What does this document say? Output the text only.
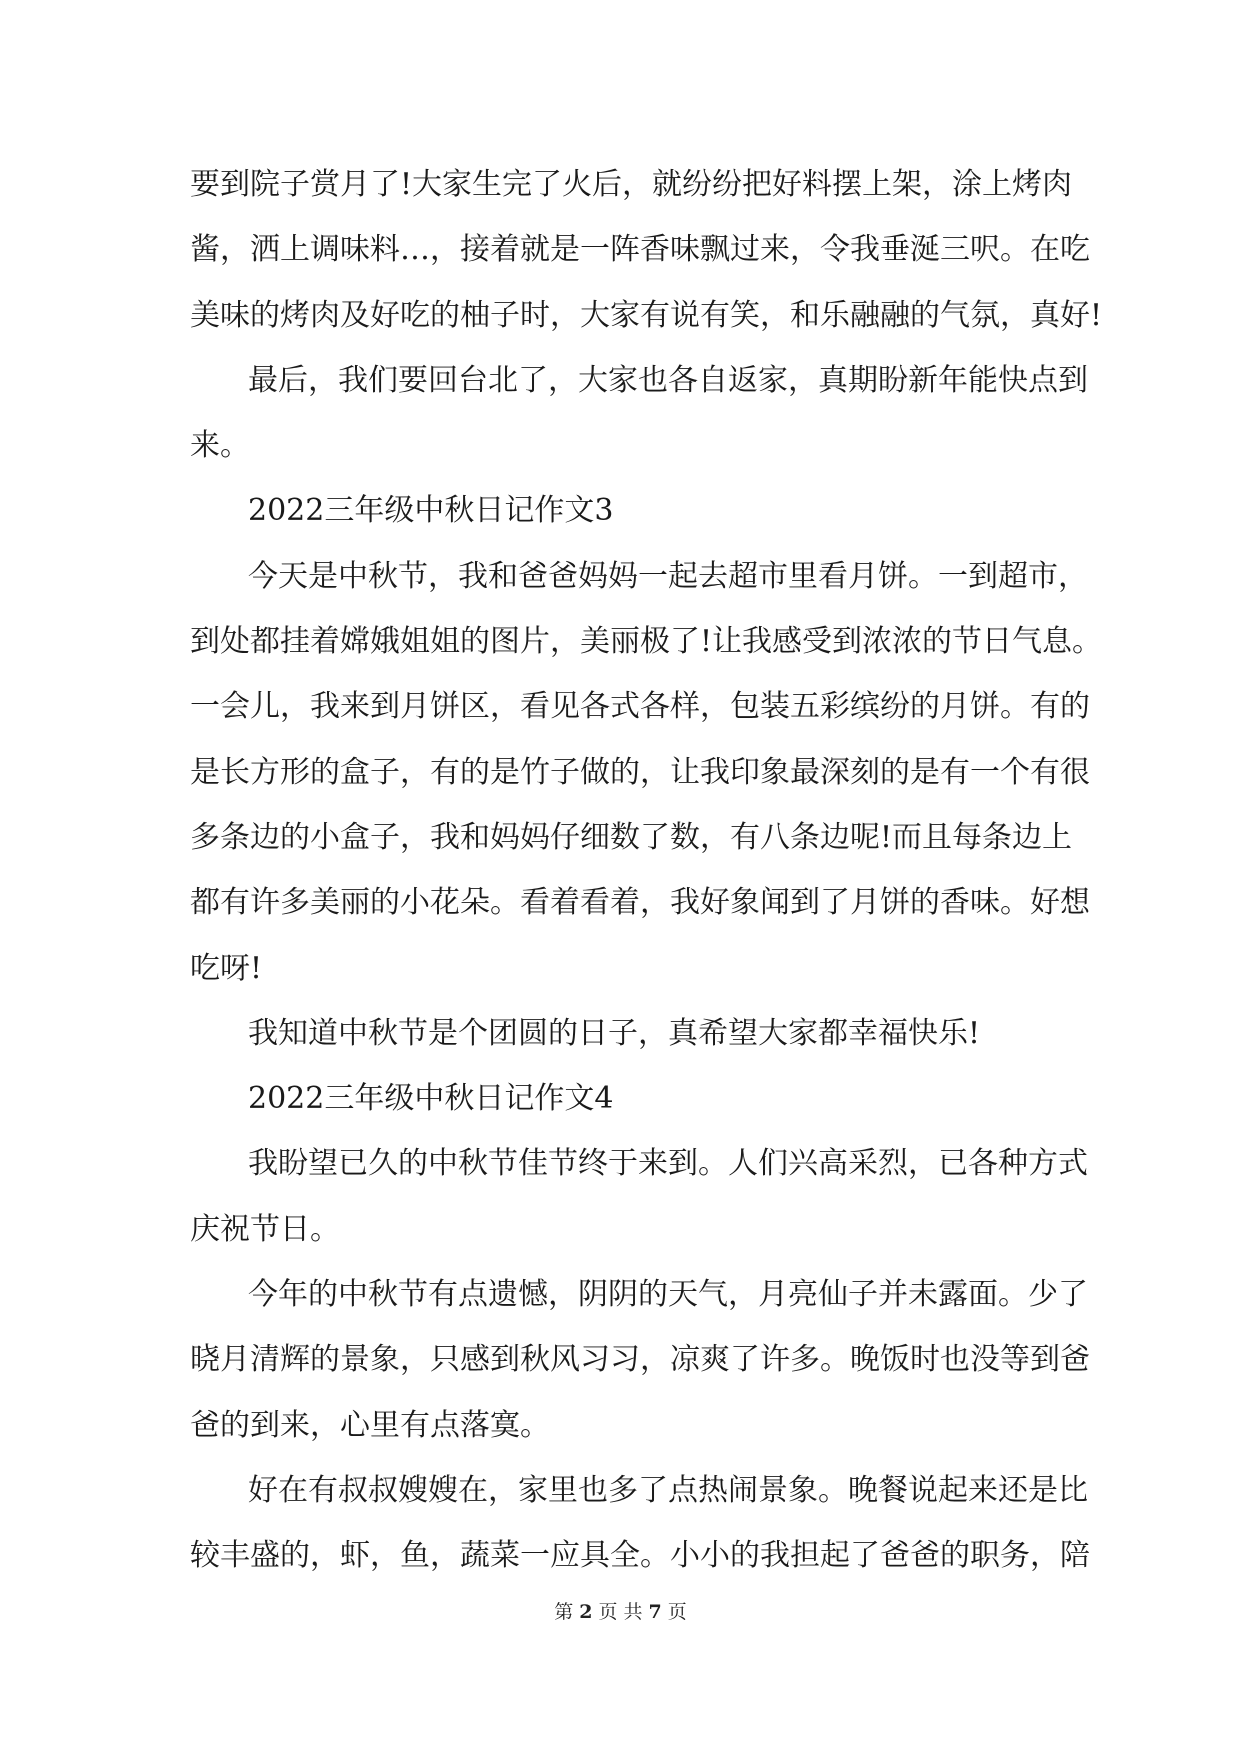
要到院子赏月了!大家生完了火后，就纷纷把好料摆上架，涂上烤肉
酱，洒上调味料…，接着就是一阵香味飘过来，令我垂涎三呎。在吃
美味的烤肉及好吃的柚子时，大家有说有笑，和乐融融的气氛，真好!
最后，我们要回台北了，大家也各自返家，真期盼新年能快点到
来。
2022三年级中秋日记作文3
今天是中秋节，我和爸爸妈妈一起去超市里看月饼。一到超市，
到处都挂着嫦娥姐姐的图片，美丽极了!让我感受到浓浓的节日气息。
一会儿，我来到月饼区，看见各式各样，包装五彩缤纷的月饼。有的
是长方形的盒子，有的是竹子做的，让我印象最深刻的是有一个有很
多条边的小盒子，我和妈妈仔细数了数，有八条边呢!而且每条边上
都有许多美丽的小花朵。看着看着，我好象闻到了月饼的香味。好想
吃呀!
我知道中秋节是个团圆的日子，真希望大家都幸福快乐!
2022三年级中秋日记作文4
我盼望已久的中秋节佳节终于来到。人们兴高采烈，已各种方式
庆祝节日。
今年的中秋节有点遗憾，阴阴的天气，月亮仙子并未露面。少了
晓月清辉的景象，只感到秋风习习，凉爽了许多。晚饭时也没等到爸
爸的到来，心里有点落寞。
好在有叔叔嫂嫂在，家里也多了点热闹景象。晚餐说起来还是比
较丰盛的，虾，鱼，蔬菜一应具全。小小的我担起了爸爸的职务，陪
第 2 页 共 7 页
